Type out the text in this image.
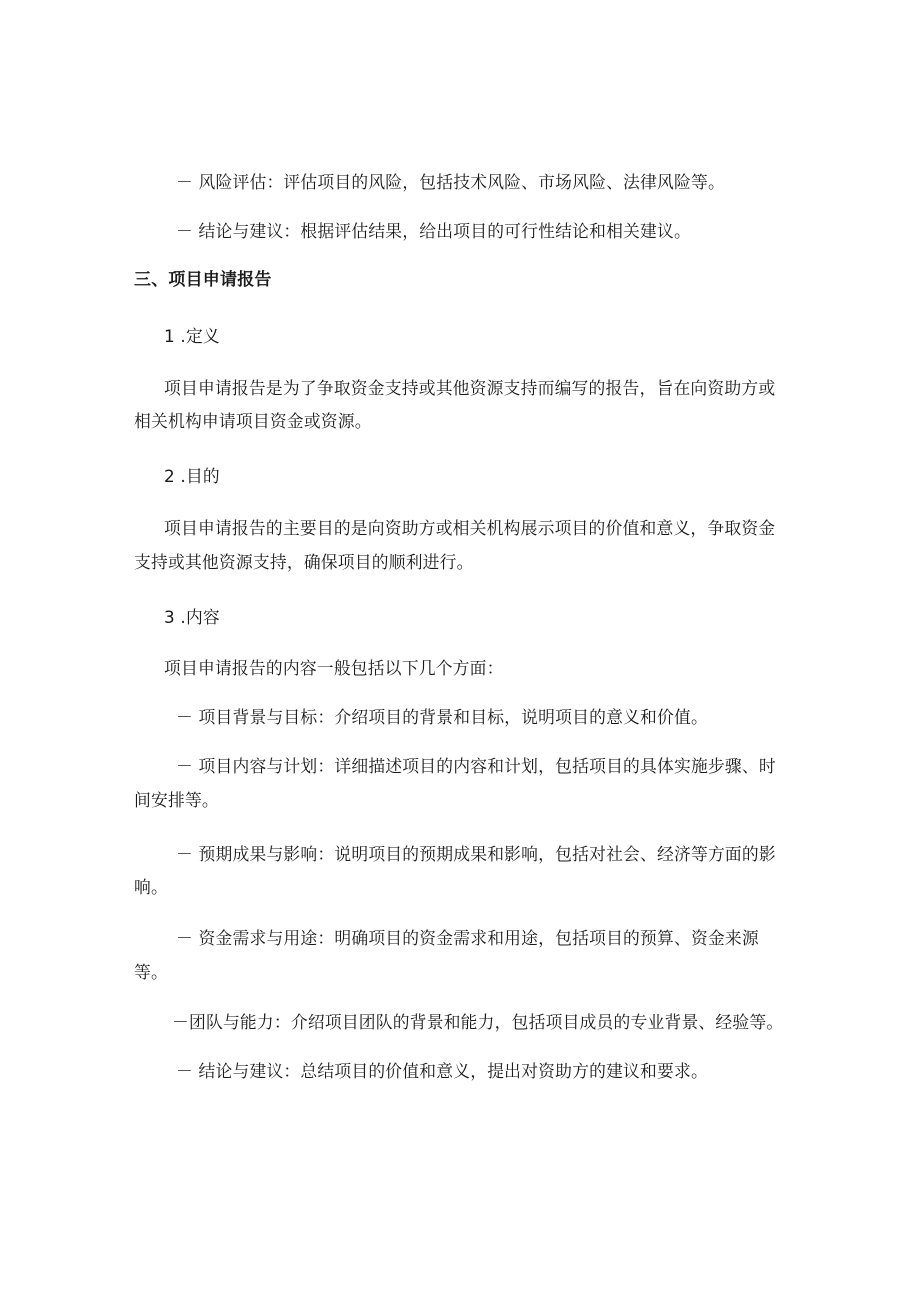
－ 风险评估：评估项目的风险，包括技术风险、市场风险、法律风险等。
－ 结论与建议：根据评估结果，给出项目的可行性结论和相关建议。
三、项目申请报告
1 .定义
项目申请报告是为了争取资金支持或其他资源支持而编写的报告，旨在向资助方或
相关机构申请项目资金或资源。
2 .目的
项目申请报告的主要目的是向资助方或相关机构展示项目的价值和意义，争取资金
支持或其他资源支持，确保项目的顺利进行。
3 .内容
项目申请报告的内容一般包括以下几个方面：
－ 项目背景与目标：介绍项目的背景和目标，说明项目的意义和价值。
－ 项目内容与计划：详细描述项目的内容和计划，包括项目的具体实施步骤、时
间安排等。
－ 预期成果与影响：说明项目的预期成果和影响，包括对社会、经济等方面的影
响。
－ 资金需求与用途：明确项目的资金需求和用途，包括项目的预算、资金来源
等。
－团队与能力：介绍项目团队的背景和能力，包括项目成员的专业背景、经验等。
－ 结论与建议：总结项目的价值和意义，提出对资助方的建议和要求。
